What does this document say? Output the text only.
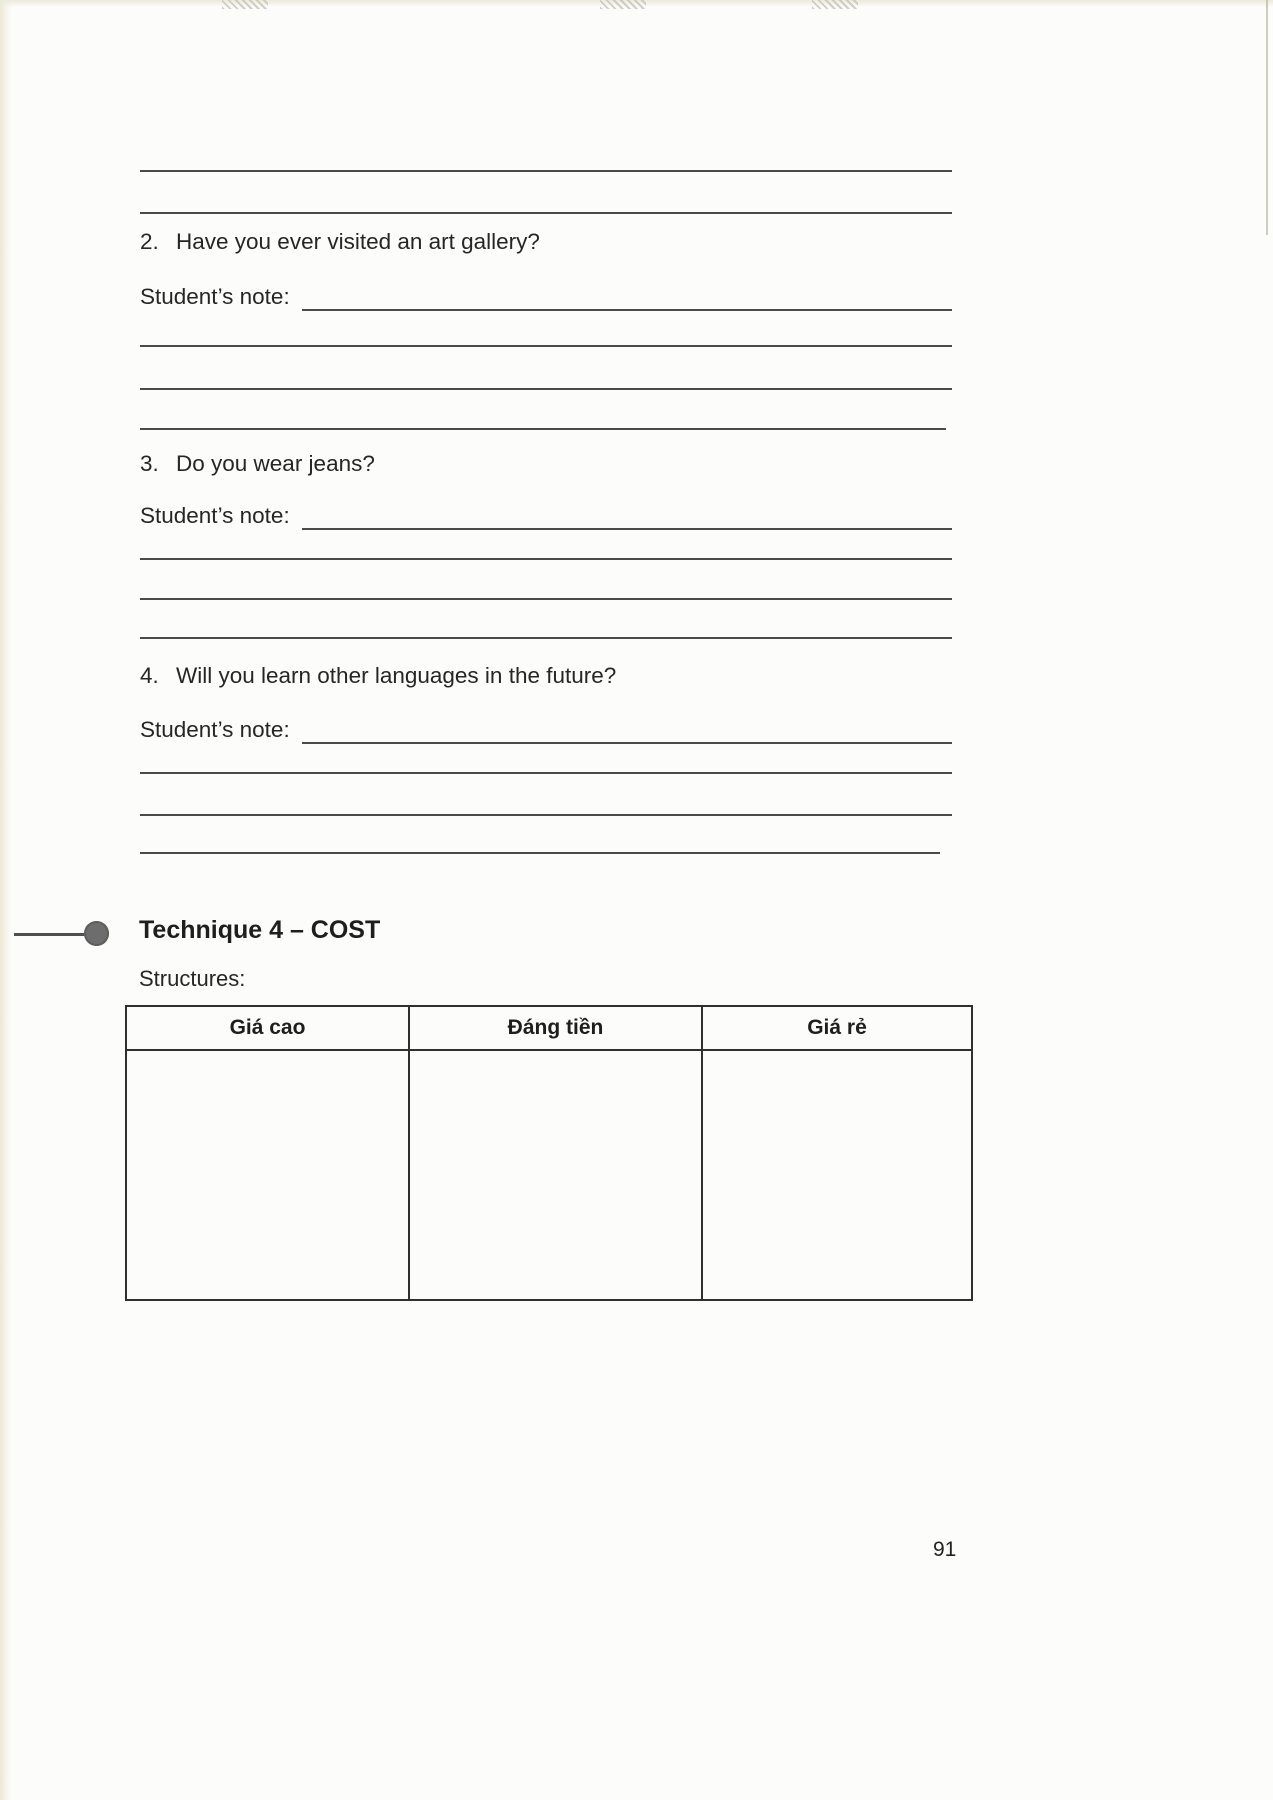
2. Have you ever visited an art gallery?
Student’s note:
3. Do you wear jeans?
Student’s note:
4. Will you learn other languages in the future?
Student’s note:
Technique 4 – COST
Structures:
Giá cao	Đáng tiền	Giá rẻ

91
